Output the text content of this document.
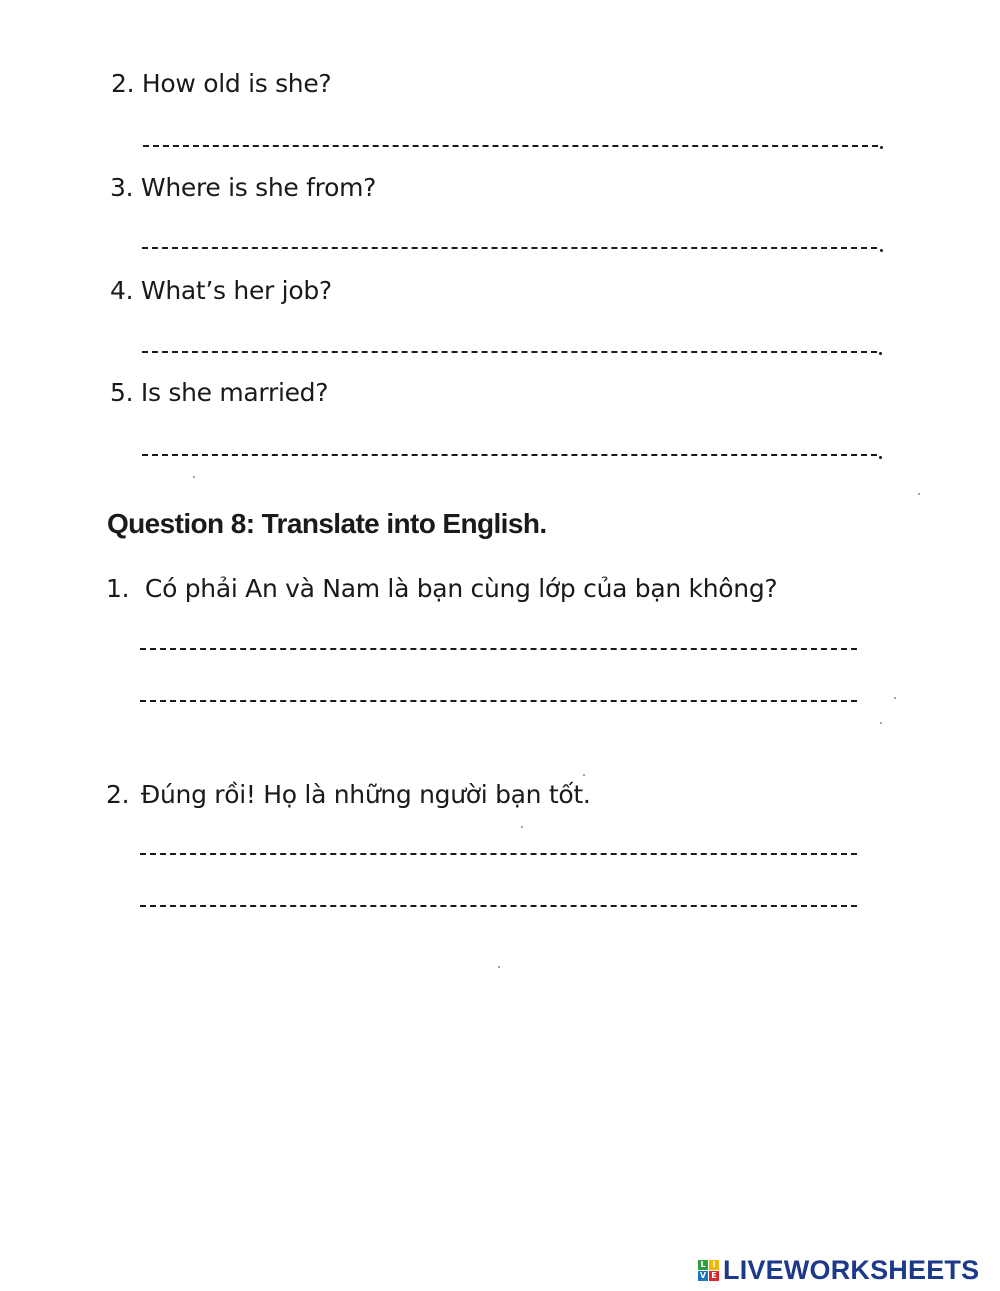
2. How old is she?
3. Where is she from?
4. What’s her job?
5. Is she married?
Question 8: Translate into English.
1. Có phải An và Nam là bạn cùng lớp của bạn không?
2. Đúng rồi! Họ là những người bạn tốt.
L I
V E LIVEWORKSHEETS
